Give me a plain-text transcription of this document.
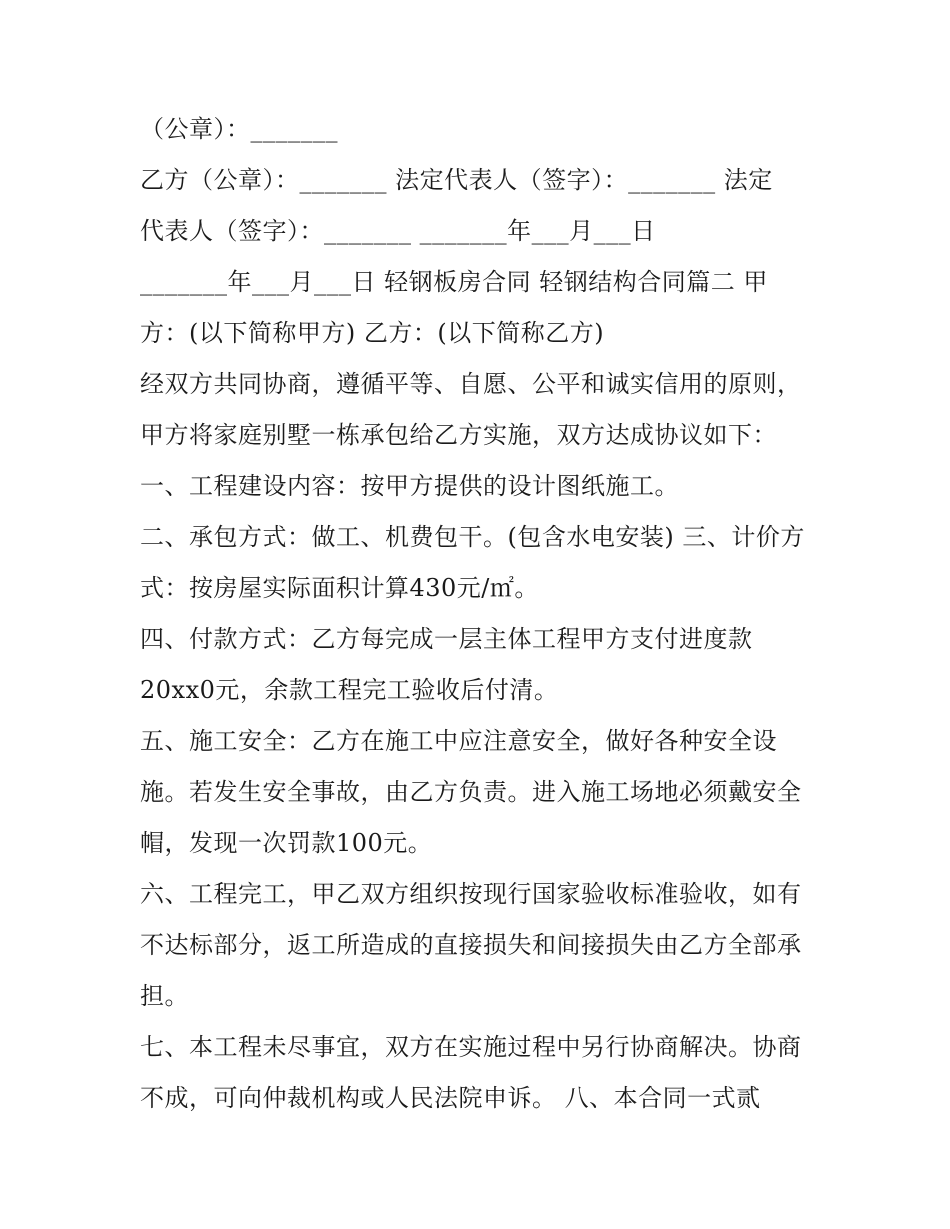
（公章）：_______
乙方（公章）：_______ 法定代表人（签字）：_______ 法定
代表人（签字）：_______ _______年___月___日
_______年___月___日 轻钢板房合同 轻钢结构合同篇二 甲
方：(以下简称甲方) 乙方：(以下简称乙方)
经双方共同协商，遵循平等、自愿、公平和诚实信用的原则，
甲方将家庭别墅一栋承包给乙方实施，双方达成协议如下：
一、工程建设内容：按甲方提供的设计图纸施工。
二、承包方式：做工、机费包干。(包含水电安装) 三、计价方
式：按房屋实际面积计算430元/㎡。
四、付款方式：乙方每完成一层主体工程甲方支付进度款
20xx0元，余款工程完工验收后付清。
五、施工安全：乙方在施工中应注意安全，做好各种安全设
施。若发生安全事故，由乙方负责。进入施工场地必须戴安全
帽，发现一次罚款100元。
六、工程完工，甲乙双方组织按现行国家验收标准验收，如有
不达标部分，返工所造成的直接损失和间接损失由乙方全部承
担。
七、本工程未尽事宜，双方在实施过程中另行协商解决。协商
不成，可向仲裁机构或人民法院申诉。 八、本合同一式贰
